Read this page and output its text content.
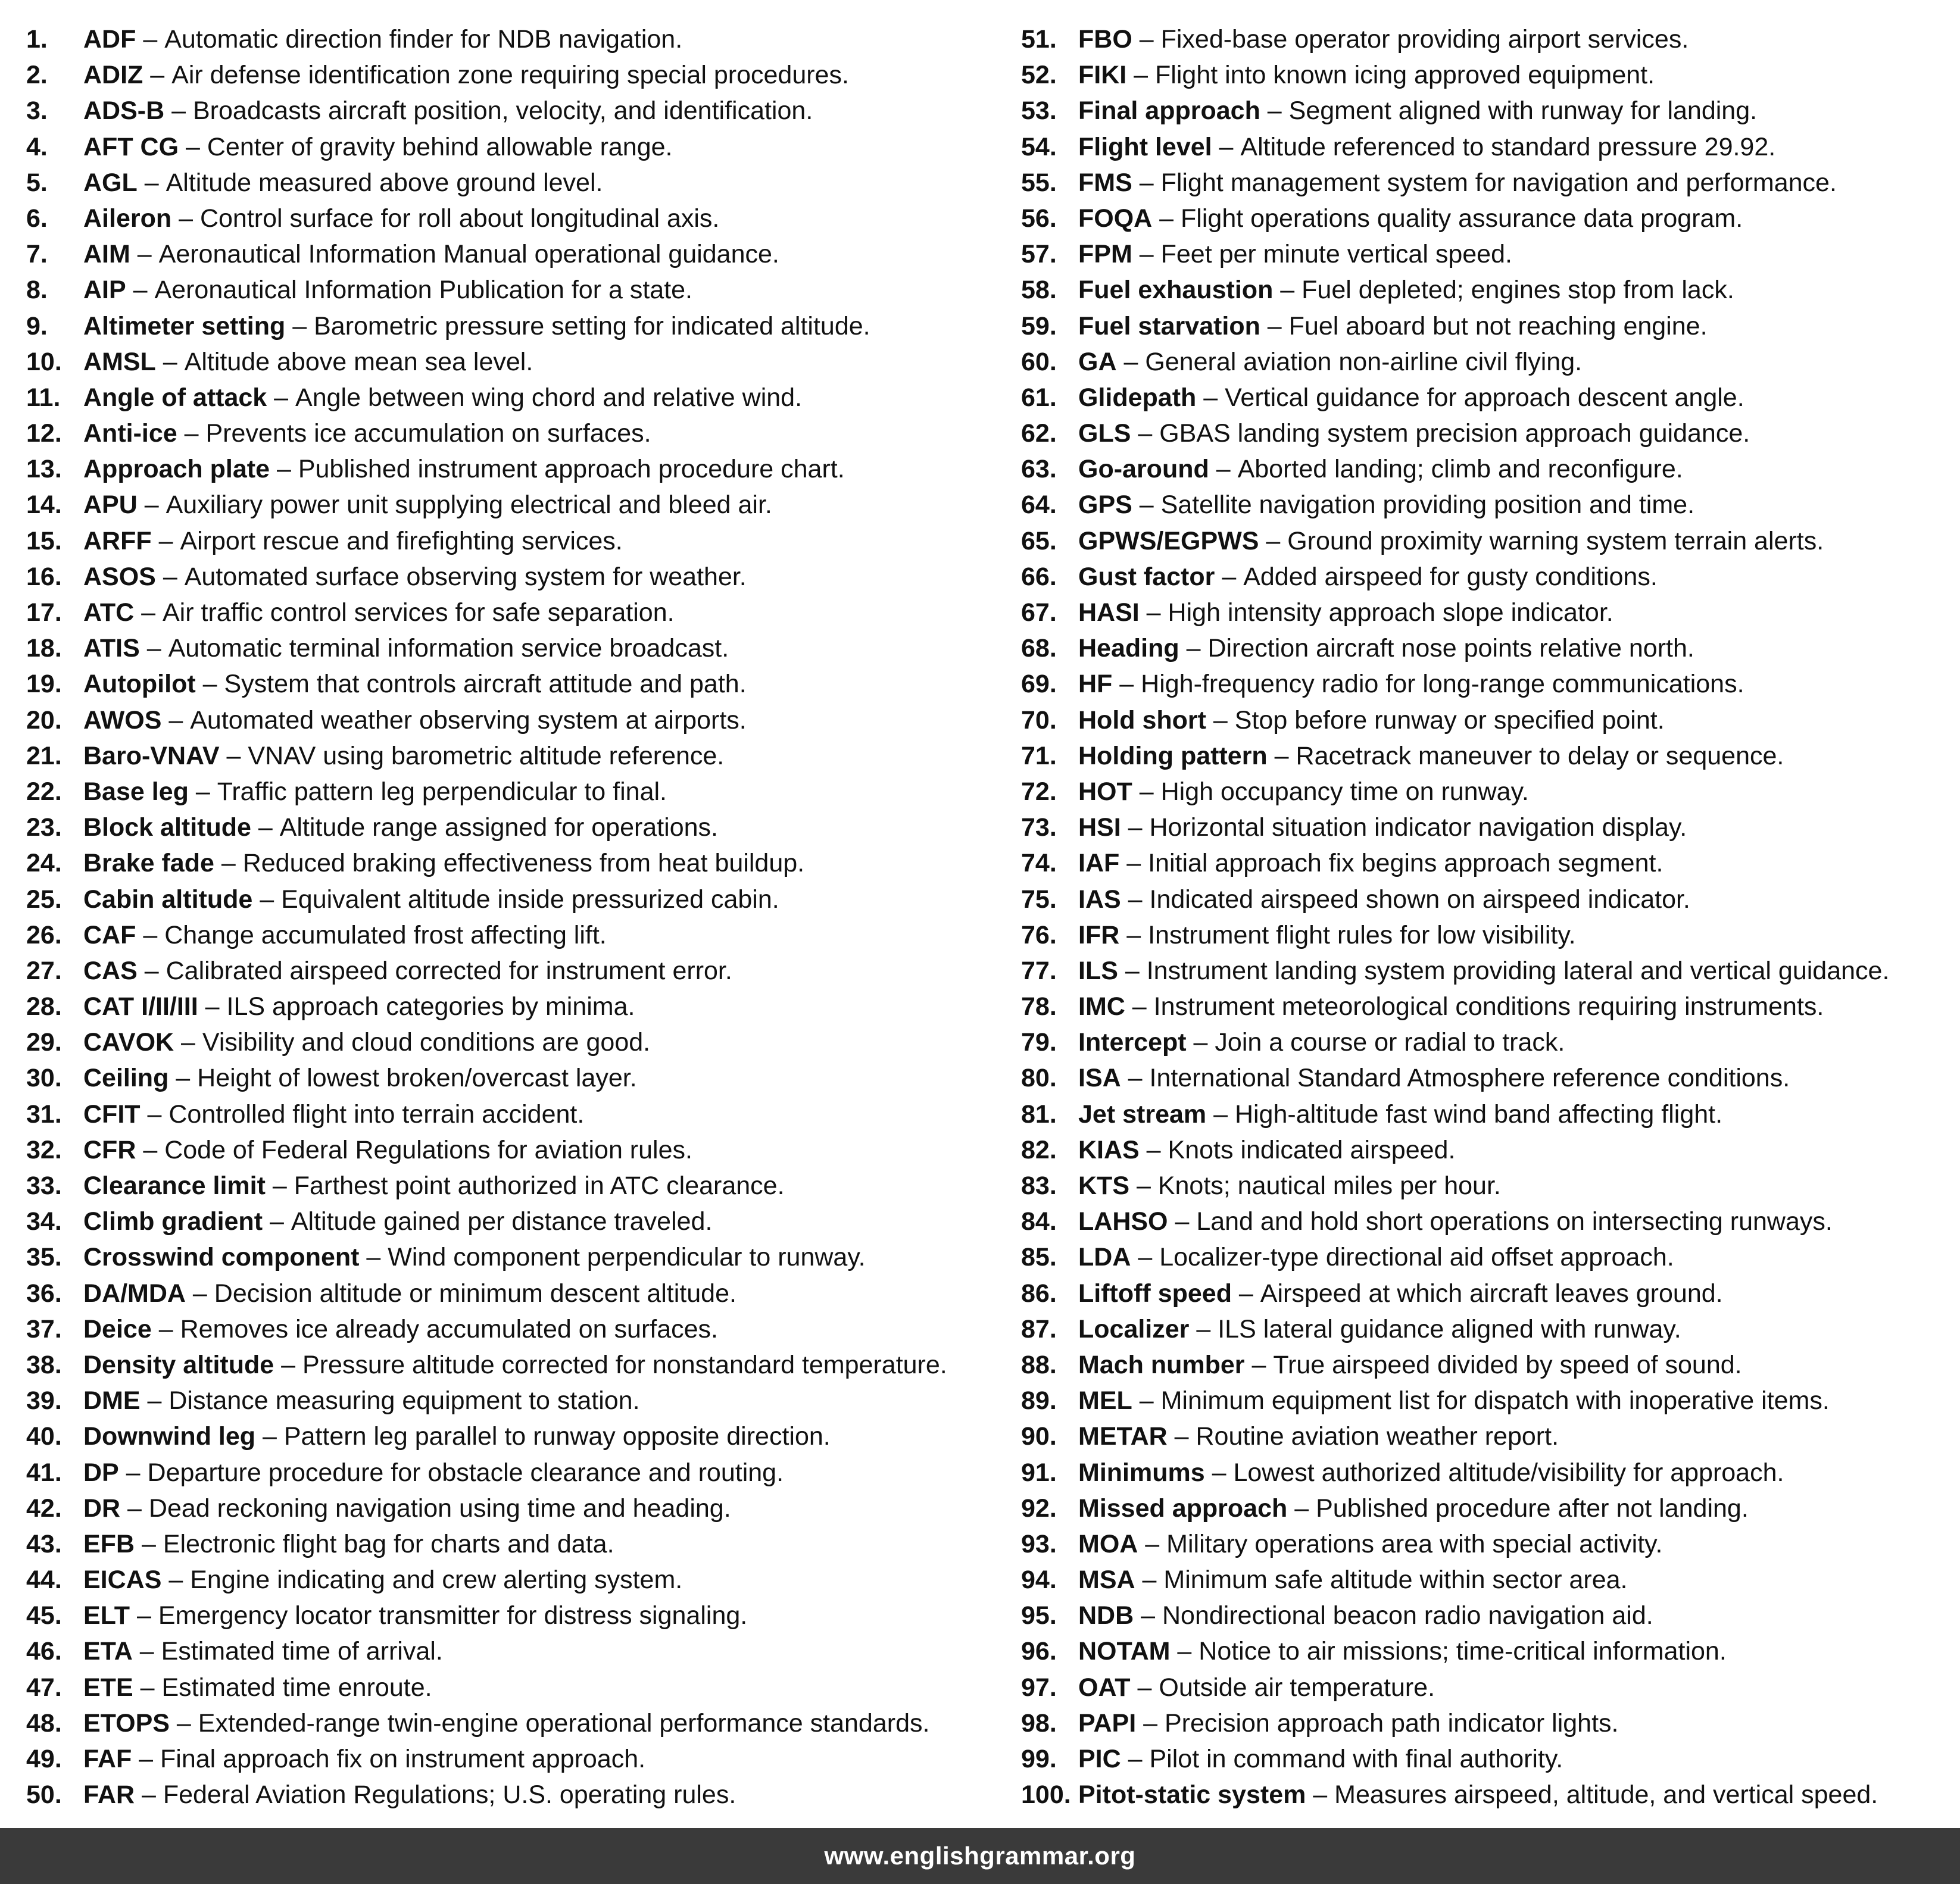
1.	ADF – Automatic direction finder for NDB navigation.
2.	ADIZ – Air defense identification zone requiring special procedures.
3.	ADS-B – Broadcasts aircraft position, velocity, and identification.
4.	AFT CG – Center of gravity behind allowable range.
5.	AGL – Altitude measured above ground level.
6.	Aileron – Control surface for roll about longitudinal axis.
7.	AIM – Aeronautical Information Manual operational guidance.
8.	AIP – Aeronautical Information Publication for a state.
9.	Altimeter setting – Barometric pressure setting for indicated altitude.
10. AMSL – Altitude above mean sea level.
11. Angle of attack – Angle between wing chord and relative wind.
12. Anti-ice – Prevents ice accumulation on surfaces.
13. Approach plate – Published instrument approach procedure chart.
14. APU – Auxiliary power unit supplying electrical and bleed air.
15. ARFF – Airport rescue and firefighting services.
16. ASOS – Automated surface observing system for weather.
17. ATC – Air traffic control services for safe separation.
18. ATIS – Automatic terminal information service broadcast.
19. Autopilot – System that controls aircraft attitude and path.
20. AWOS – Automated weather observing system at airports.
21. Baro-VNAV – VNAV using barometric altitude reference.
22. Base leg – Traffic pattern leg perpendicular to final.
23. Block altitude – Altitude range assigned for operations.
24. Brake fade – Reduced braking effectiveness from heat buildup.
25. Cabin altitude – Equivalent altitude inside pressurized cabin.
26. CAF – Change accumulated frost affecting lift.
27. CAS – Calibrated airspeed corrected for instrument error.
28. CAT I/II/III – ILS approach categories by minima.
29. CAVOK – Visibility and cloud conditions are good.
30. Ceiling – Height of lowest broken/overcast layer.
31. CFIT – Controlled flight into terrain accident.
32. CFR – Code of Federal Regulations for aviation rules.
33. Clearance limit – Farthest point authorized in ATC clearance.
34. Climb gradient – Altitude gained per distance traveled.
35. Crosswind component – Wind component perpendicular to runway.
36. DA/MDA – Decision altitude or minimum descent altitude.
37. Deice – Removes ice already accumulated on surfaces.
38. Density altitude – Pressure altitude corrected for nonstandard temperature.
39. DME – Distance measuring equipment to station.
40. Downwind leg – Pattern leg parallel to runway opposite direction.
41. DP – Departure procedure for obstacle clearance and routing.
42. DR – Dead reckoning navigation using time and heading.
43. EFB – Electronic flight bag for charts and data.
44. EICAS – Engine indicating and crew alerting system.
45. ELT – Emergency locator transmitter for distress signaling.
46. ETA – Estimated time of arrival.
47. ETE – Estimated time enroute.
48. ETOPS – Extended-range twin-engine operational performance standards.
49. FAF – Final approach fix on instrument approach.
50. FAR – Federal Aviation Regulations; U.S. operating rules.
51. FBO – Fixed-base operator providing airport services.
52. FIKI – Flight into known icing approved equipment.
53. Final approach – Segment aligned with runway for landing.
54. Flight level – Altitude referenced to standard pressure 29.92.
55. FMS – Flight management system for navigation and performance.
56. FOQA – Flight operations quality assurance data program.
57. FPM – Feet per minute vertical speed.
58. Fuel exhaustion – Fuel depleted; engines stop from lack.
59. Fuel starvation – Fuel aboard but not reaching engine.
60. GA – General aviation non-airline civil flying.
61. Glidepath – Vertical guidance for approach descent angle.
62. GLS – GBAS landing system precision approach guidance.
63. Go-around – Aborted landing; climb and reconfigure.
64. GPS – Satellite navigation providing position and time.
65. GPWS/EGPWS – Ground proximity warning system terrain alerts.
66. Gust factor – Added airspeed for gusty conditions.
67. HASI – High intensity approach slope indicator.
68. Heading – Direction aircraft nose points relative north.
69. HF – High-frequency radio for long-range communications.
70. Hold short – Stop before runway or specified point.
71. Holding pattern – Racetrack maneuver to delay or sequence.
72. HOT – High occupancy time on runway.
73. HSI – Horizontal situation indicator navigation display.
74. IAF – Initial approach fix begins approach segment.
75. IAS – Indicated airspeed shown on airspeed indicator.
76. IFR – Instrument flight rules for low visibility.
77. ILS – Instrument landing system providing lateral and vertical guidance.
78. IMC – Instrument meteorological conditions requiring instruments.
79. Intercept – Join a course or radial to track.
80. ISA – International Standard Atmosphere reference conditions.
81. Jet stream – High-altitude fast wind band affecting flight.
82. KIAS – Knots indicated airspeed.
83. KTS – Knots; nautical miles per hour.
84. LAHSO – Land and hold short operations on intersecting runways.
85. LDA – Localizer-type directional aid offset approach.
86. Liftoff speed – Airspeed at which aircraft leaves ground.
87. Localizer – ILS lateral guidance aligned with runway.
88. Mach number – True airspeed divided by speed of sound.
89. MEL – Minimum equipment list for dispatch with inoperative items.
90. METAR – Routine aviation weather report.
91. Minimums – Lowest authorized altitude/visibility for approach.
92. Missed approach – Published procedure after not landing.
93. MOA – Military operations area with special activity.
94. MSA – Minimum safe altitude within sector area.
95. NDB – Nondirectional beacon radio navigation aid.
96. NOTAM – Notice to air missions; time-critical information.
97. OAT – Outside air temperature.
98. PAPI – Precision approach path indicator lights.
99. PIC – Pilot in command with final authority.
100. Pitot-static system – Measures airspeed, altitude, and vertical speed.
www.englishgrammar.org
